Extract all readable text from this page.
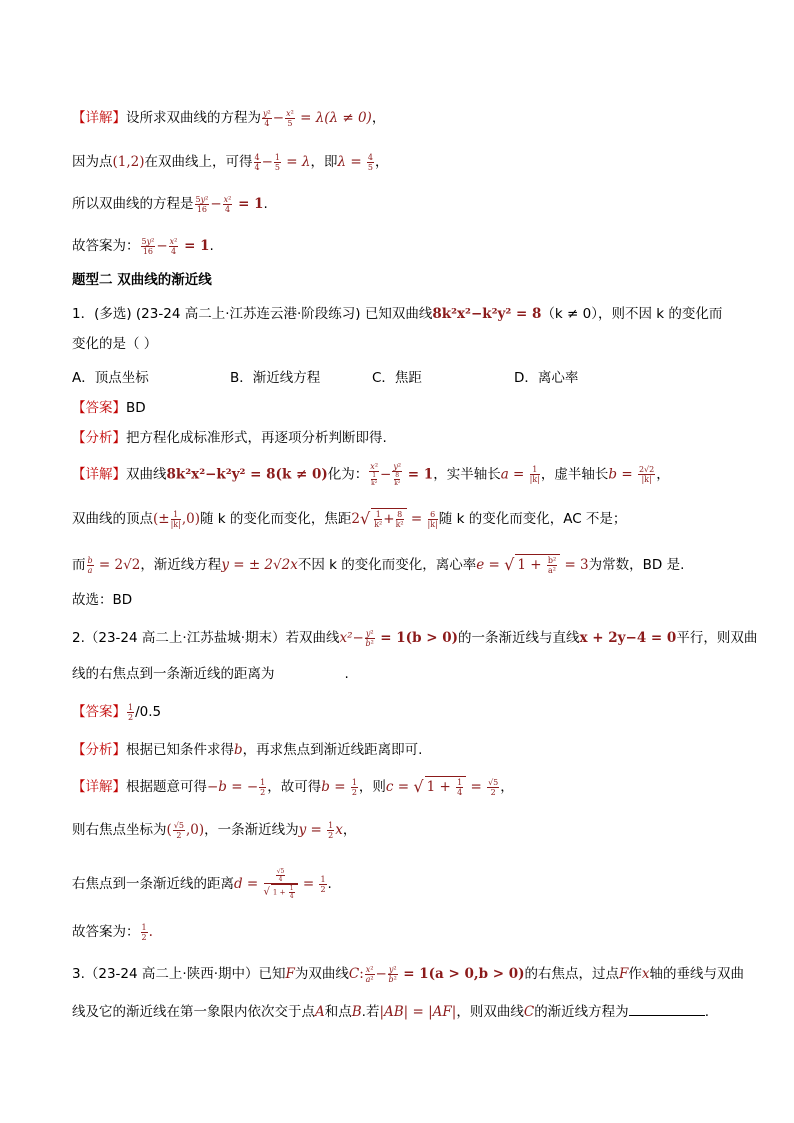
【详解】设所求双曲线的方程为 $\frac{\text{y²}}{4} - \frac{\text{x²}}{5} = \lambda(\lambda \ne 0)$，
因为点(1,2)在双曲线上，可得 $\frac{4}{4} - \frac{1}{5} = \lambda$，即$\lambda = \frac{4}{5}$ ，
所以双曲线的方程是 $\frac{\text{5y²}}{16} - \frac{\text{x²}}{4} = 1$.
故答案为： $\frac{\text{5y²}}{16} - \frac{\text{x²}}{4} = 1$.
题型二 双曲线的渐近线
1．(多选) (23-24 高二上·江苏连云港·阶段练习) 已知双曲线8k²x²−k²y² = 8（k ≠ 0），则不因 k 的变化而
变化的是（ ）
A．顶点坐标	B．渐近线方程	C．焦距	D．离心率
【答案】BD
【分析】把方程化成标准形式，再逐项分析判断即得.
【详解】双曲线8k²x²−k²y² = 8(k ≠ 0)化为： $\frac{\text{x²}}{\frac{1}{\text{k²}}} - \frac{\text{y²}}{\frac{8}{\text{k²}}} = 1$，实半轴长$a = \frac{1}{|k|}$ ，虚半轴长$b = \frac{2√2}{|k|}$ ，
双曲线的顶点(± $\frac{1}{|k|} ,0$)随 k 的变化而变化，焦距$2√ \frac{1}{\text{k²}} + \frac{8}{\text{k²}} = \frac{6}{|k|}$ 随 k 的变化而变化，AC 不是；
而 $\frac{b}{a} = 2√2$，渐近线方程y = ± 2√2x不因 k 的变化而变化，离心率e = √ $1 + \frac{\text{b²}}{\text{a²}} = 3$为常数，BD 是.
故选：BD
2.（23-24 高二上·江苏盐城·期末）若双曲线$x^2- \frac{\text{y²}}{\text{b²}} = 1(b > 0)$的一条渐近线与直线x + 2y−4 = 0平行，则双曲
线的右焦点到一条渐近线的距离为	.
【答案】 $\frac{1}{2} /0.5$
【分析】根据已知条件求得b，再求焦点到渐近线距离即可.
【详解】根据题意可得−b = − $\frac{1}{2}$ ，故可得$b = \frac{1}{2}$ ，则c = √ $1 + \frac{1}{4} = \frac{√5}{2}$ ，
则右焦点坐标为( $\frac{√5}{2} ,0$)，一条渐近线为$y = \frac{1}{2}$ x，
右焦点到一条渐近线的距离$d = \frac{\frac{√5}{4}}{√ 1 + \frac{1}{4}} = \frac{1}{2}$ .
故答案为： $\frac{1}{2}$ .
3.（23-24 高二上·陕西·期中）已知F为双曲线C: $\frac{\text{x²}}{\text{a²}} - \frac{\text{y²}}{\text{b²}} = 1(a > 0,b > 0)$的右焦点，过点F作x轴的垂线与双曲
线及它的渐近线在第一象限内依次交于点A和点B.若|AB| = |AF|，则双曲线C的渐近线方程为	.
